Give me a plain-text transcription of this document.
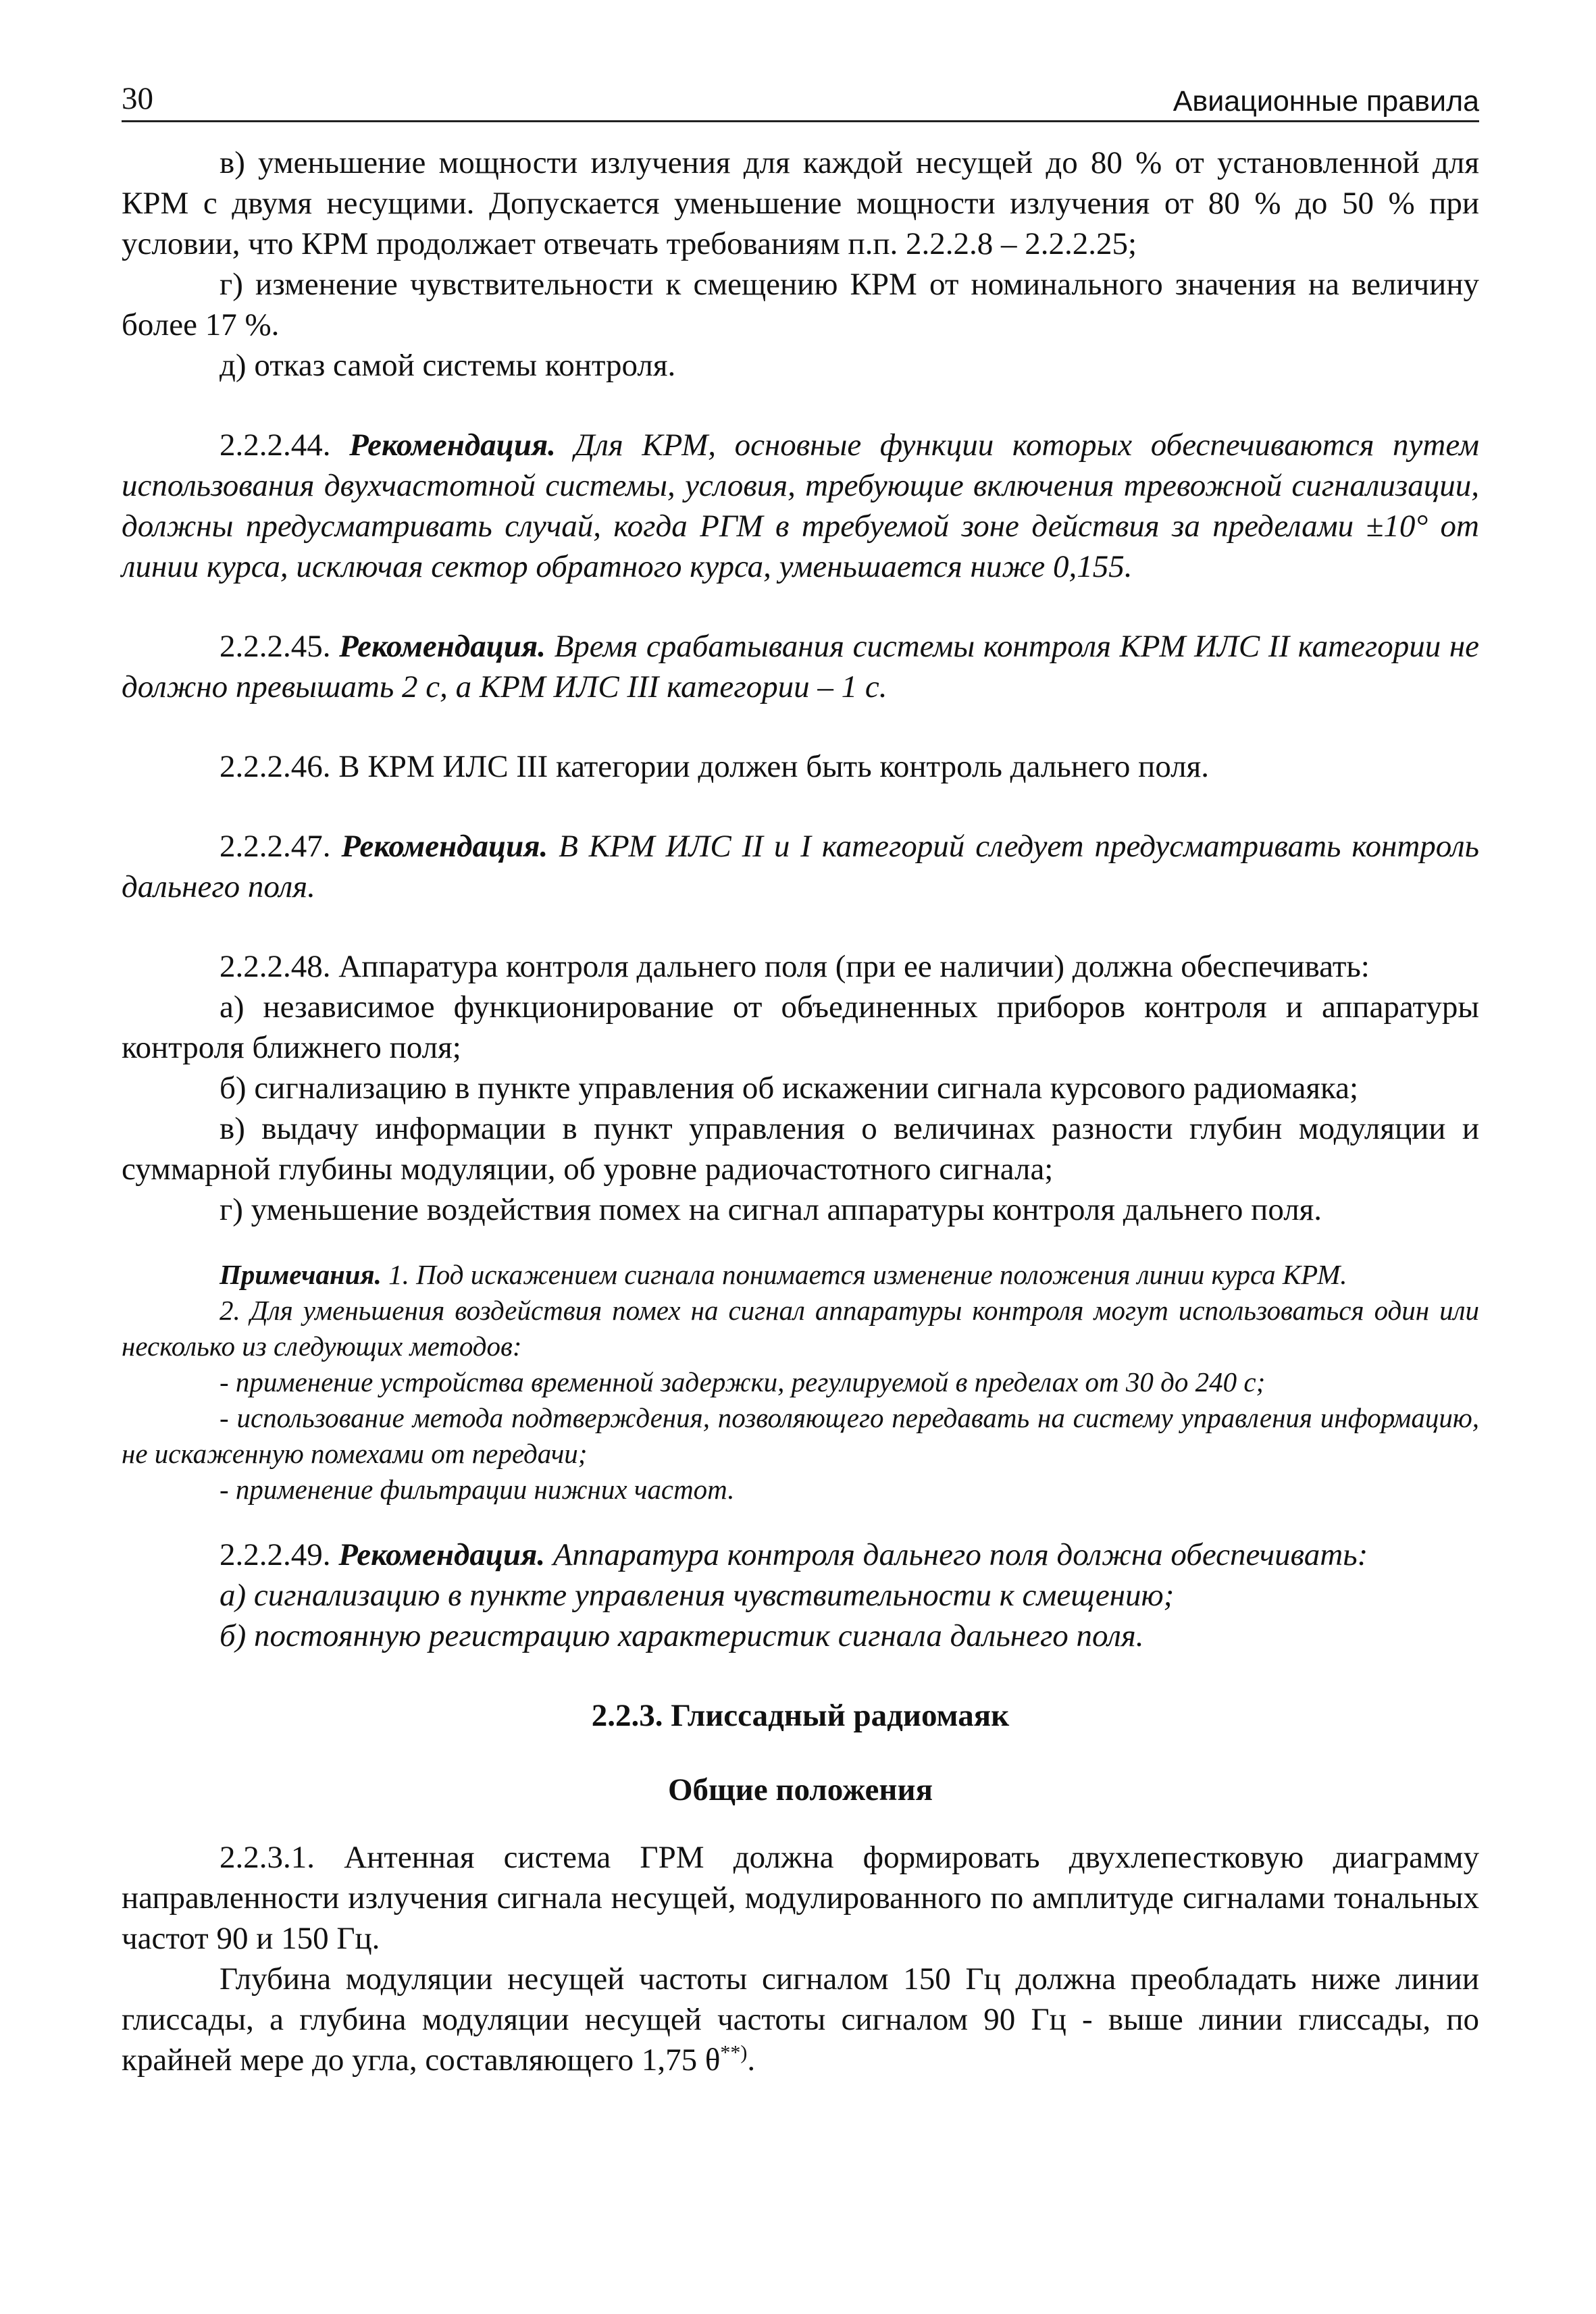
30	Авиационные правила

в) уменьшение мощности излучения для каждой несущей до 80 % от установленной для КРМ с двумя несущими. Допускается уменьшение мощности излучения от 80 % до 50 % при условии, что КРМ продолжает отвечать требованиям п.п. 2.2.2.8 – 2.2.2.25;

г) изменение чувствительности к смещению КРМ от номинального значения на величину более 17 %.

д) отказ самой системы контроля.

2.2.2.44. Рекомендация. Для КРМ, основные функции которых обеспечиваются путем использования двухчастотной системы, условия, требующие включения тревожной сигнализации, должны предусматривать случай, когда РГМ в требуемой зоне действия за пределами ±10° от линии курса, исключая сектор обратного курса, уменьшается ниже 0,155.

2.2.2.45. Рекомендация. Время срабатывания системы контроля КРМ ИЛС II категории не должно превышать 2 с, а КРМ ИЛС III категории – 1 с.

2.2.2.46. В КРМ ИЛС III категории должен быть контроль дальнего поля.

2.2.2.47. Рекомендация. В КРМ ИЛС II и I категорий следует предусматривать контроль дальнего поля.

2.2.2.48. Аппаратура контроля дальнего поля (при ее наличии) должна обеспечивать:

а) независимое функционирование от объединенных приборов контроля и аппаратуры контроля ближнего поля;

б) сигнализацию в пункте управления об искажении сигнала курсового радиомаяка;

в) выдачу информации в пункт управления о величинах разности глубин модуляции и суммарной глубины модуляции, об уровне радиочастотного сигнала;

г) уменьшение воздействия помех на сигнал аппаратуры контроля дальнего поля.

Примечания. 1. Под искажением сигнала понимается изменение положения линии курса КРМ.

2. Для уменьшения воздействия помех на сигнал аппаратуры контроля могут использоваться один или несколько из следующих методов:

- применение устройства временной задержки, регулируемой в пределах от 30 до 240 с;

- использование метода подтверждения, позволяющего передавать на систему управления информацию, не искаженную помехами от передачи;

- применение фильтрации нижних частот.

2.2.2.49. Рекомендация. Аппаратура контроля дальнего поля должна обеспечивать:

а) сигнализацию в пункте управления чувствительности к смещению;

б) постоянную регистрацию характеристик сигнала дальнего поля.

2.2.3. Глиссадный радиомаяк
Общие положения

2.2.3.1. Антенная система ГРМ должна формировать двухлепестковую диаграмму направленности излучения сигнала несущей, модулированного по амплитуде сигналами тональных частот 90 и 150 Гц.

Глубина модуляции несущей частоты сигналом 150 Гц должна преобладать ниже линии глиссады, а глубина модуляции несущей частоты сигналом 90 Гц - выше линии глиссады, по крайней мере до угла, составляющего 1,75 θ**).
